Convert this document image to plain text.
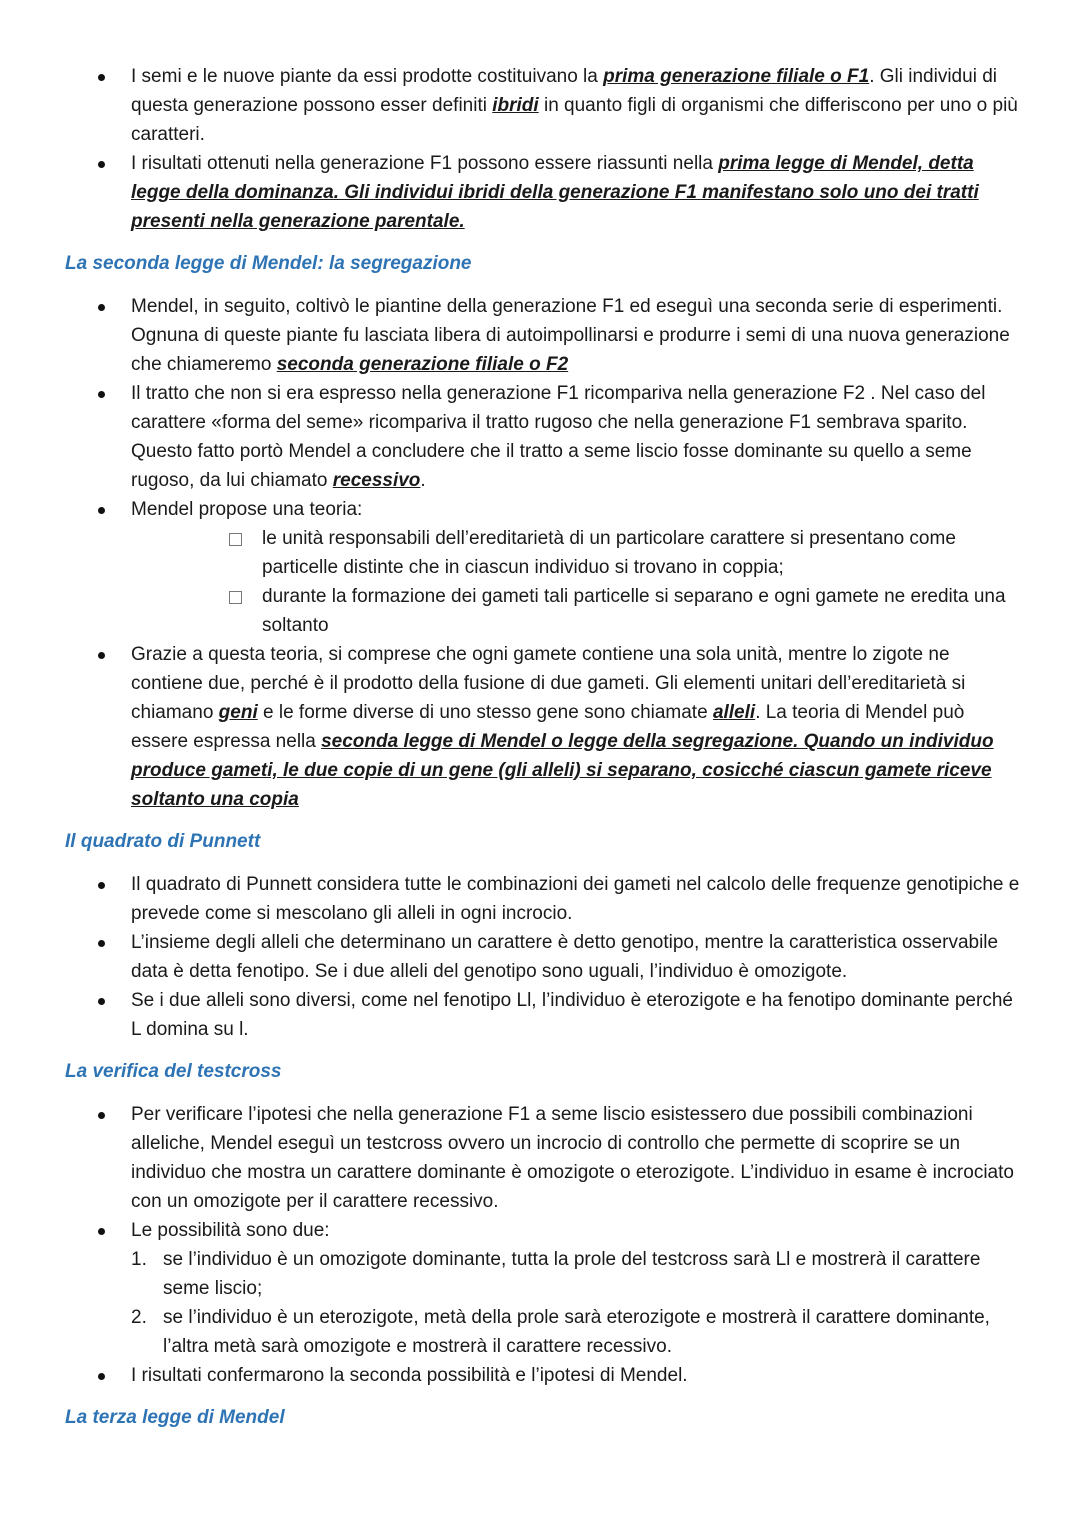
I semi e le nuove piante da essi prodotte costituivano la prima generazione filiale o F1. Gli individui di questa generazione possono esser definiti ibridi in quanto figli di organismi che differiscono per uno o più caratteri.
I risultati ottenuti nella generazione F1 possono essere riassunti nella prima legge di Mendel, detta legge della dominanza. Gli individui ibridi della generazione F1 manifestano solo uno dei tratti presenti nella generazione parentale.
La seconda legge di Mendel: la segregazione
Mendel, in seguito, coltivò le piantine della generazione F1 ed eseguì una seconda serie di esperimenti. Ognuna di queste piante fu lasciata libera di autoimpollinarsi e produrre i semi di una nuova generazione che chiameremo seconda generazione filiale o F2
Il tratto che non si era espresso nella generazione F1 ricompariva nella generazione F2 . Nel caso del carattere «forma del seme» ricompariva il tratto rugoso che nella generazione F1 sembrava sparito. Questo fatto portò Mendel a concludere che il tratto a seme liscio fosse dominante su quello a seme rugoso, da lui chiamato recessivo.
Mendel propose una teoria:
le unità responsabili dell’ereditarietà di un particolare carattere si presentano come particelle distinte che in ciascun individuo si trovano in coppia;
durante la formazione dei gameti tali particelle si separano e ogni gamete ne eredita una soltanto
Grazie a questa teoria, si comprese che ogni gamete contiene una sola unità, mentre lo zigote ne contiene due, perché è il prodotto della fusione di due gameti. Gli elementi unitari dell’ereditarietà si chiamano geni e le forme diverse di uno stesso gene sono chiamate alleli. La teoria di Mendel può essere espressa nella seconda legge di Mendel o legge della segregazione. Quando un individuo produce gameti, le due copie di un gene (gli alleli) si separano, cosicché ciascun gamete riceve soltanto una copia
Il quadrato di Punnett
Il quadrato di Punnett considera tutte le combinazioni dei gameti nel calcolo delle frequenze genotipiche e prevede come si mescolano gli alleli in ogni incrocio.
L’insieme degli alleli che determinano un carattere è detto genotipo, mentre la caratteristica osservabile data è detta fenotipo. Se i due alleli del genotipo sono uguali, l’individuo è omozigote.
Se i due alleli sono diversi, come nel fenotipo Ll, l’individuo è eterozigote e ha fenotipo dominante perché L domina su l.
La verifica del testcross
Per verificare l’ipotesi che nella generazione F1 a seme liscio esistessero due possibili combinazioni alleliche, Mendel eseguì un testcross ovvero un incrocio di controllo che permette di scoprire se un individuo che mostra un carattere dominante è omozigote o eterozigote. L’individuo in esame è incrociato con un omozigote per il carattere recessivo.
Le possibilità sono due:
1. se l’individuo è un omozigote dominante, tutta la prole del testcross sarà Ll e mostrerà il carattere seme liscio;
2. se l’individuo è un eterozigote, metà della prole sarà eterozigote e mostrerà il carattere dominante, l’altra metà sarà omozigote e mostrerà il carattere recessivo.
I risultati confermarono la seconda possibilità e l’ipotesi di Mendel.
La terza legge di Mendel
